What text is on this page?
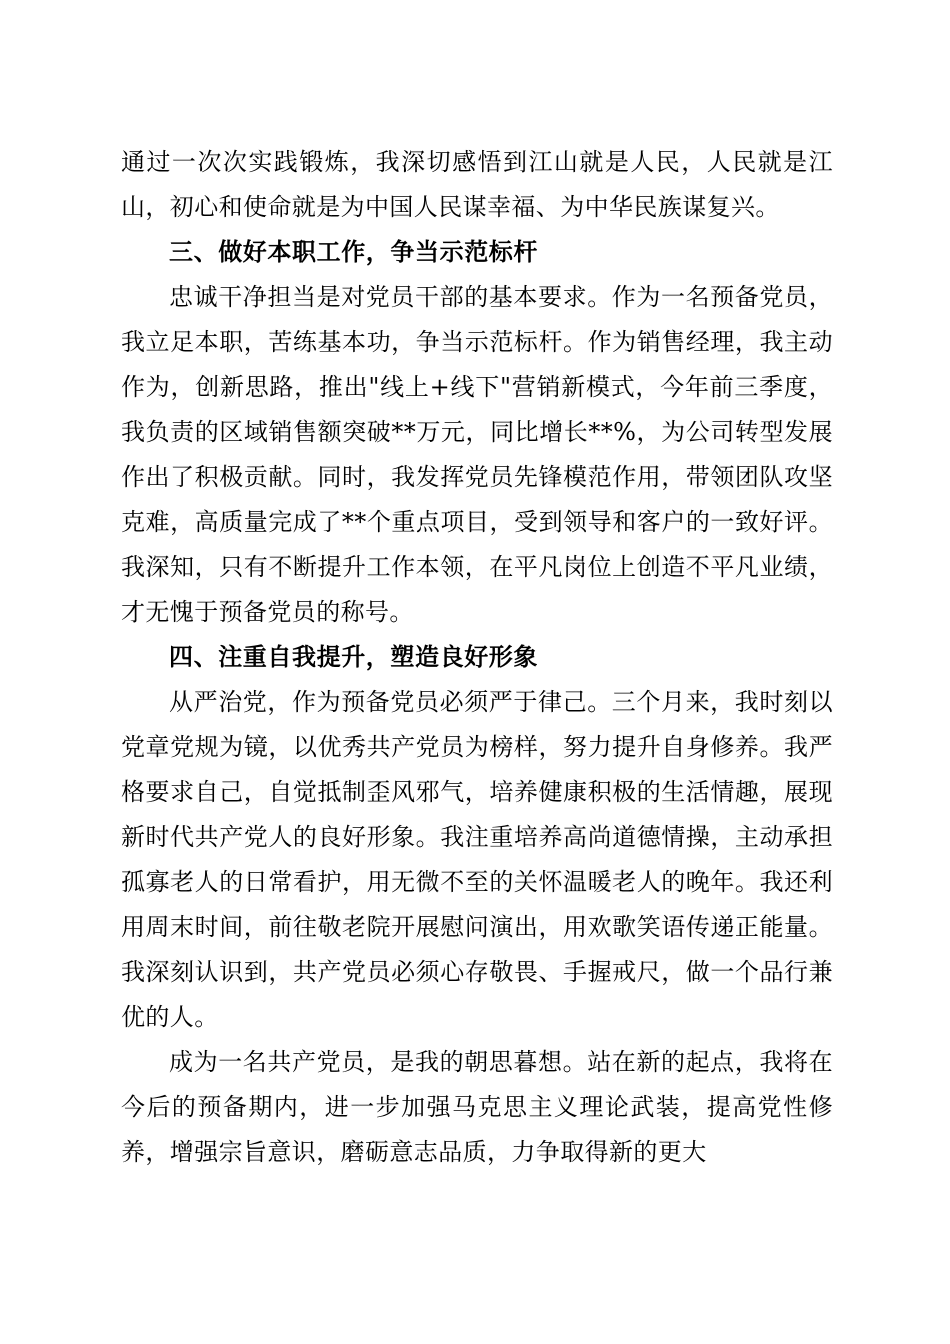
通过一次次实践锻炼，我深切感悟到江山就是人民，人民就是江山，初心和使命就是为中国人民谋幸福、为中华民族谋复兴。

三、做好本职工作，争当示范标杆

忠诚干净担当是对党员干部的基本要求。作为一名预备党员，我立足本职，苦练基本功，争当示范标杆。作为销售经理，我主动作为，创新思路，推出"线上+线下"营销新模式，今年前三季度，我负责的区域销售额突破**万元，同比增长**%，为公司转型发展作出了积极贡献。同时，我发挥党员先锋模范作用，带领团队攻坚克难，高质量完成了**个重点项目，受到领导和客户的一致好评。我深知，只有不断提升工作本领，在平凡岗位上创造不平凡业绩，才无愧于预备党员的称号。

四、注重自我提升，塑造良好形象

从严治党，作为预备党员必须严于律己。三个月来，我时刻以党章党规为镜，以优秀共产党员为榜样，努力提升自身修养。我严格要求自己，自觉抵制歪风邪气，培养健康积极的生活情趣，展现新时代共产党人的良好形象。我注重培养高尚道德情操，主动承担孤寡老人的日常看护，用无微不至的关怀温暖老人的晚年。我还利用周末时间，前往敬老院开展慰问演出，用欢歌笑语传递正能量。我深刻认识到，共产党员必须心存敬畏、手握戒尺，做一个品行兼优的人。

成为一名共产党员，是我的朝思暮想。站在新的起点，我将在今后的预备期内，进一步加强马克思主义理论武装，提高党性修养，增强宗旨意识，磨砺意志品质，力争取得新的更大
